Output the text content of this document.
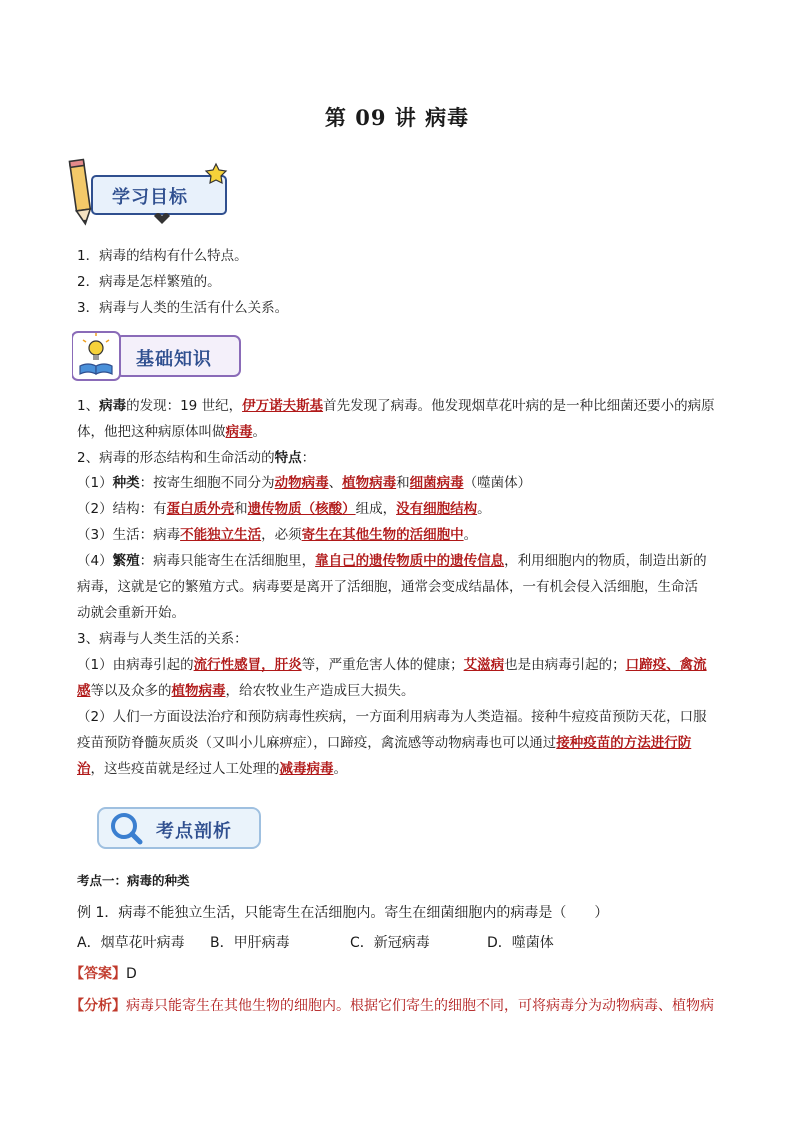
第 09 讲 病毒
学习目标
1．病毒的结构有什么特点。
2．病毒是怎样繁殖的。
3．病毒与人类的生活有什么关系。
基础知识
1、病毒的发现：19 世纪，伊万诺夫斯基首先发现了病毒。他发现烟草花叶病的是一种比细菌还要小的病原
体，他把这种病原体叫做病毒。
2、病毒的形态结构和生命活动的特点：
（1）种类：按寄生细胞不同分为动物病毒、植物病毒和细菌病毒（噬菌体）
（2）结构：有蛋白质外壳和遗传物质（核酸）组成，没有细胞结构。
（3）生活：病毒不能独立生活，必须寄生在其他生物的活细胞中。
（4）繁殖：病毒只能寄生在活细胞里，靠自己的遗传物质中的遗传信息，利用细胞内的物质，制造出新的
病毒，这就是它的繁殖方式。病毒要是离开了活细胞，通常会变成结晶体，一有机会侵入活细胞，生命活
动就会重新开始。
3、病毒与人类生活的关系：
（1）由病毒引起的流行性感冒，肝炎等，严重危害人体的健康；艾滋病也是由病毒引起的；口蹄疫、禽流
感等以及众多的植物病毒，给农牧业生产造成巨大损失。
（2）人们一方面设法治疗和预防病毒性疾病，一方面利用病毒为人类造福。接种牛痘疫苗预防天花，口服
疫苗预防脊髓灰质炎（又叫小儿麻痹症），口蹄疫，禽流感等动物病毒也可以通过接种疫苗的方法进行防
治，这些疫苗就是经过人工处理的减毒病毒。
考点剖析
考点一：病毒的种类
例 1．病毒不能独立生活，只能寄生在活细胞内。寄生在细菌细胞内的病毒是（　　）
A．烟草花叶病毒 B．甲肝病毒	C．新冠病毒	D．噬菌体
【答案】D
【分析】病毒只能寄生在其他生物的细胞内。根据它们寄生的细胞不同，可将病毒分为动物病毒、植物病
